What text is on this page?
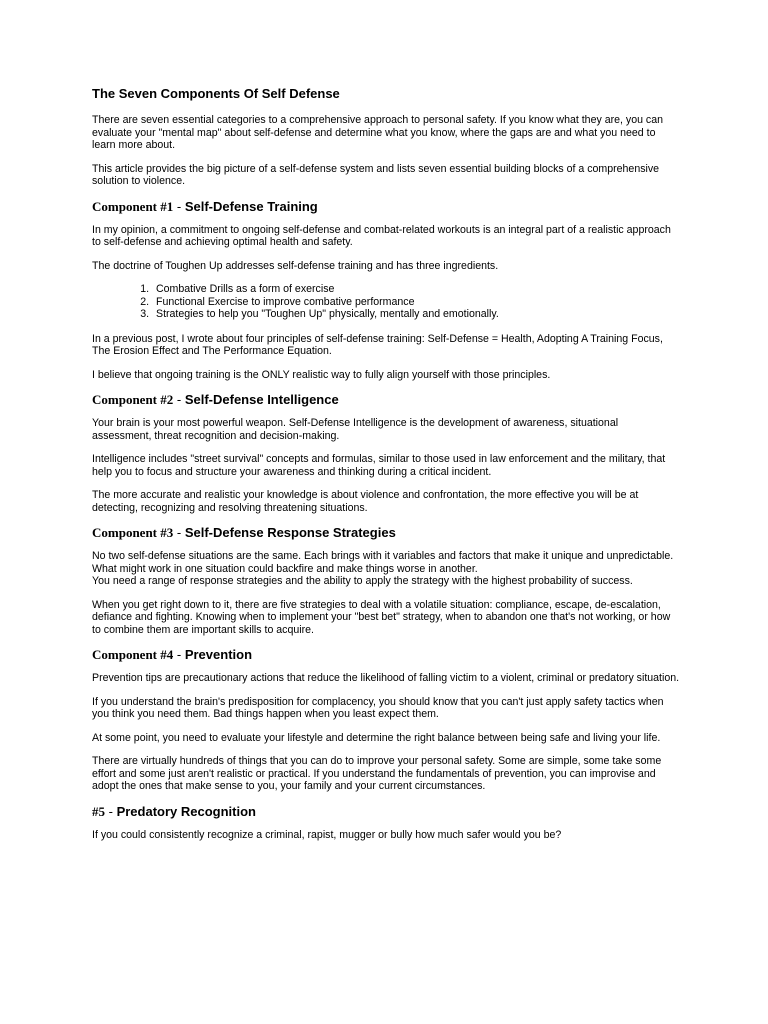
The Seven Components Of Self Defense

There are seven essential categories to a comprehensive approach to personal safety. If you know what they are, you can evaluate your "mental map" about self-defense and determine what you know, where the gaps are and what you need to learn more about.

This article provides the big picture of a self-defense system and lists seven essential building blocks of a comprehensive solution to violence.

Component #1 - Self-Defense Training

In my opinion, a commitment to ongoing self-defense and combat-related workouts is an integral part of a realistic approach to self-defense and achieving optimal health and safety.

The doctrine of Toughen Up addresses self-defense training and has three ingredients.

1. Combative Drills as a form of exercise
2. Functional Exercise to improve combative performance
3. Strategies to help you "Toughen Up" physically, mentally and emotionally.

In a previous post, I wrote about four principles of self-defense training: Self-Defense = Health, Adopting A Training Focus, The Erosion Effect and The Performance Equation.

I believe that ongoing training is the ONLY realistic way to fully align yourself with those principles.

Component #2 - Self-Defense Intelligence

Your brain is your most powerful weapon. Self-Defense Intelligence is the development of awareness, situational assessment, threat recognition and decision-making.

Intelligence includes "street survival" concepts and formulas, similar to those used in law enforcement and the military, that help you to focus and structure your awareness and thinking during a critical incident.

The more accurate and realistic your knowledge is about violence and confrontation, the more effective you will be at detecting, recognizing and resolving threatening situations.

Component #3 - Self-Defense Response Strategies

No two self-defense situations are the same. Each brings with it variables and factors that make it unique and unpredictable. What might work in one situation could backfire and make things worse in another.
You need a range of response strategies and the ability to apply the strategy with the highest probability of success.

When you get right down to it, there are five strategies to deal with a volatile situation: compliance, escape, de-escalation, defiance and fighting. Knowing when to implement your "best bet" strategy, when to abandon one that's not working, or how to combine them are important skills to acquire.

Component #4 - Prevention

Prevention tips are precautionary actions that reduce the likelihood of falling victim to a violent, criminal or predatory situation.

If you understand the brain's predisposition for complacency, you should know that you can't just apply safety tactics when you think you need them. Bad things happen when you least expect them.

At some point, you need to evaluate your lifestyle and determine the right balance between being safe and living your life.

There are virtually hundreds of things that you can do to improve your personal safety. Some are simple, some take some effort and some just aren't realistic or practical. If you understand the fundamentals of prevention, you can improvise and adopt the ones that make sense to you, your family and your current circumstances.

#5 - Predatory Recognition

If you could consistently recognize a criminal, rapist, mugger or bully how much safer would you be?
